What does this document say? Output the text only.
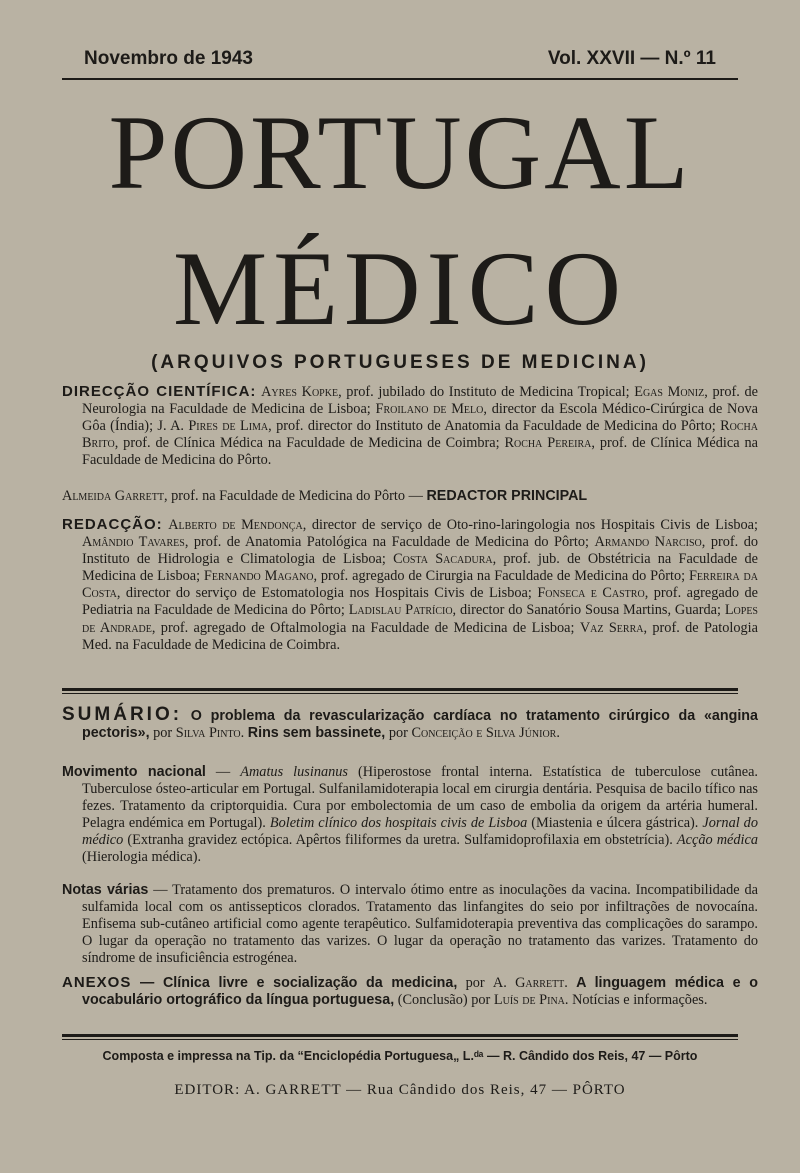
Novembro de 1943	Vol. XXVII — N.º 11
PORTUGAL
MÉDICO
(ARQUIVOS PORTUGUESES DE MEDICINA)
DIRECÇÃO CIENTÍFICA: Ayres Kopke, prof. jubilado do Instituto de Medicina Tropical; Egas Moniz, prof. de Neurologia na Faculdade de Medicina de Lisboa; Froilano de Melo, director da Escola Médico-Cirúrgica de Nova Gôa (Índia); J. A. Pires de Lima, prof. director do Instituto de Anatomia da Faculdade de Medicina do Pôrto; Rocha Brito, prof. de Clínica Médica na Faculdade de Medicina de Coimbra; Rocha Pereira, prof. de Clínica Médica na Faculdade de Medicina do Pôrto.
Almeida Garrett, prof. na Faculdade de Medicina do Pôrto — REDACTOR PRINCIPAL
REDACÇÃO: Alberto de Mendonça, director de serviço de Oto-rino-laringologia nos Hospitais Civis de Lisboa; Amândio Tavares, prof. de Anatomia Patológica na Faculdade de Medicina do Pôrto; Armando Narciso, prof. do Instituto de Hidrologia e Climatologia de Lisboa; Costa Sacadura, prof. jub. de Obstétricia na Faculdade de Medicina de Lisboa; Fernando Magano, prof. agregado de Cirurgia na Faculdade de Medicina do Pôrto; Ferreira da Costa, director do serviço de Estomatologia nos Hospitais Civis de Lisboa; Fonseca e Castro, prof. agregado de Pediatria na Faculdade de Medicina do Pôrto; Ladislau Patrício, director do Sanatório Sousa Martins, Guarda; Lopes de Andrade, prof. agregado de Oftalmologia na Faculdade de Medicina de Lisboa; Vaz Serra, prof. de Patologia Med. na Faculdade de Medicina de Coimbra.
SUMÁRIO: O problema da revascularização cardíaca no tratamento cirúrgico da «angina pectoris», por Silva Pinto. Rins sem bassinete, por Conceição e Silva Júnior.
Movimento nacional — Amatus lusinanus (Hiperostose frontal interna. Estatística de tuberculose cutânea. Tuberculose ósteo-articular em Portugal. Sulfanilamidoterapia local em cirurgia dentária. Pesquisa de bacilo tífico nas fezes. Tratamento da criptorquidia. Cura por embolectomia de um caso de embolia da origem da artéria humeral. Pelagra endémica em Portugal). Boletim clínico dos hospitais civis de Lisboa (Miastenia e úlcera gástrica). Jornal do médico (Extranha gravidez ectópica. Apêrtos filiformes da uretra. Sulfamidoprofilaxia em obstetrícia). Acção médica (Hierologia médica).
Notas várias — Tratamento dos prematuros. O intervalo ótimo entre as inoculações da vacina. Incompatibilidade da sulfamida local com os antissepticos clorados. Tratamento das linfangites do seio por infiltrações de novocaína. Enfisema sub-cutâneo artificial como agente terapêutico. Sulfamidoterapia preventiva das complicações do sarampo. O lugar da operação no tratamento das varizes. O lugar da operação no tratamento das varizes. Tratamento do síndrome de insuficiência estrogénea.
ANEXOS — Clínica livre e socialização da medicina, por A. Garrett. A linguagem médica e o vocabulário ortográfico da língua portuguesa, (Conclusão) por Luís de Pina. Notícias e informações.
Composta e impressa na Tip. da “Enciclopédia Portuguesa„ L.ᵈᵃ — R. Cândido dos Reis, 47 — Pôrto
EDITOR: A. GARRETT — Rua Cândido dos Reis, 47 — PÔRTO
